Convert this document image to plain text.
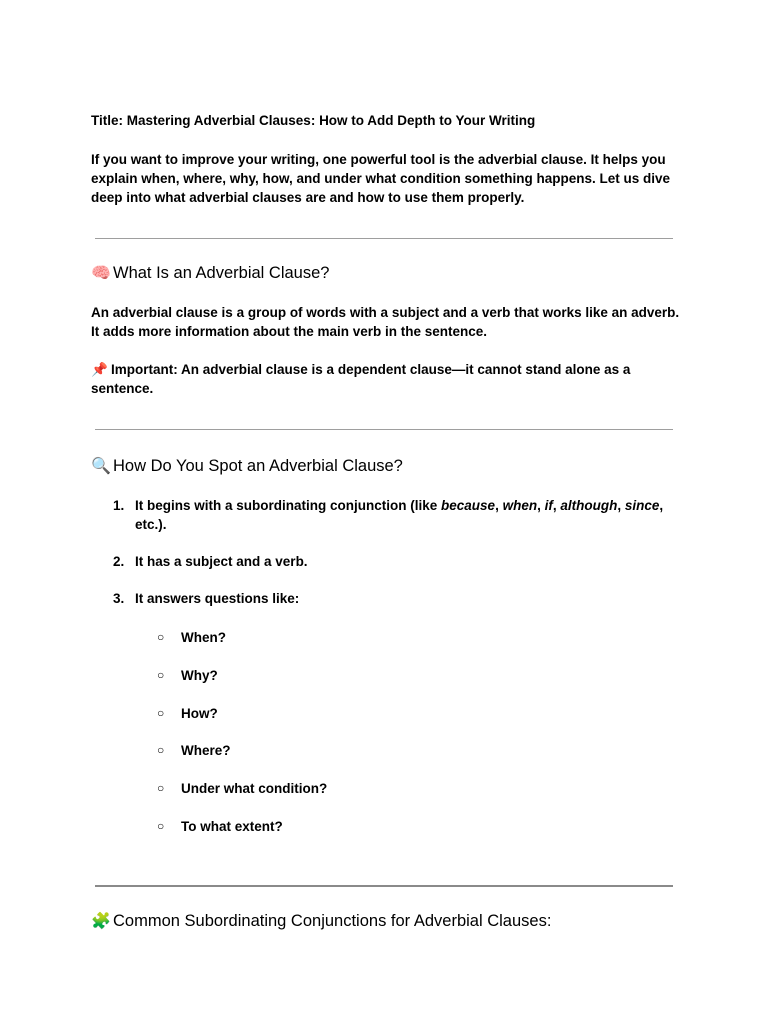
Title: Mastering Adverbial Clauses: How to Add Depth to Your Writing

If you want to improve your writing, one powerful tool is the adverbial clause. It helps you explain when, where, why, how, and under what condition something happens. Let us dive deep into what adverbial clauses are and how to use them properly.

🧠 What Is an Adverbial Clause?

An adverbial clause is a group of words with a subject and a verb that works like an adverb. It adds more information about the main verb in the sentence.

📌 Important: An adverbial clause is a dependent clause—it cannot stand alone as a sentence.

🔍 How Do You Spot an Adverbial Clause?
1. It begins with a subordinating conjunction (like because, when, if, although, since, etc.).
2. It has a subject and a verb.
3. It answers questions like:
○ When?
○ Why?
○ How?
○ Where?
○ Under what condition?
○ To what extent?
🧩 Common Subordinating Conjunctions for Adverbial Clauses:
